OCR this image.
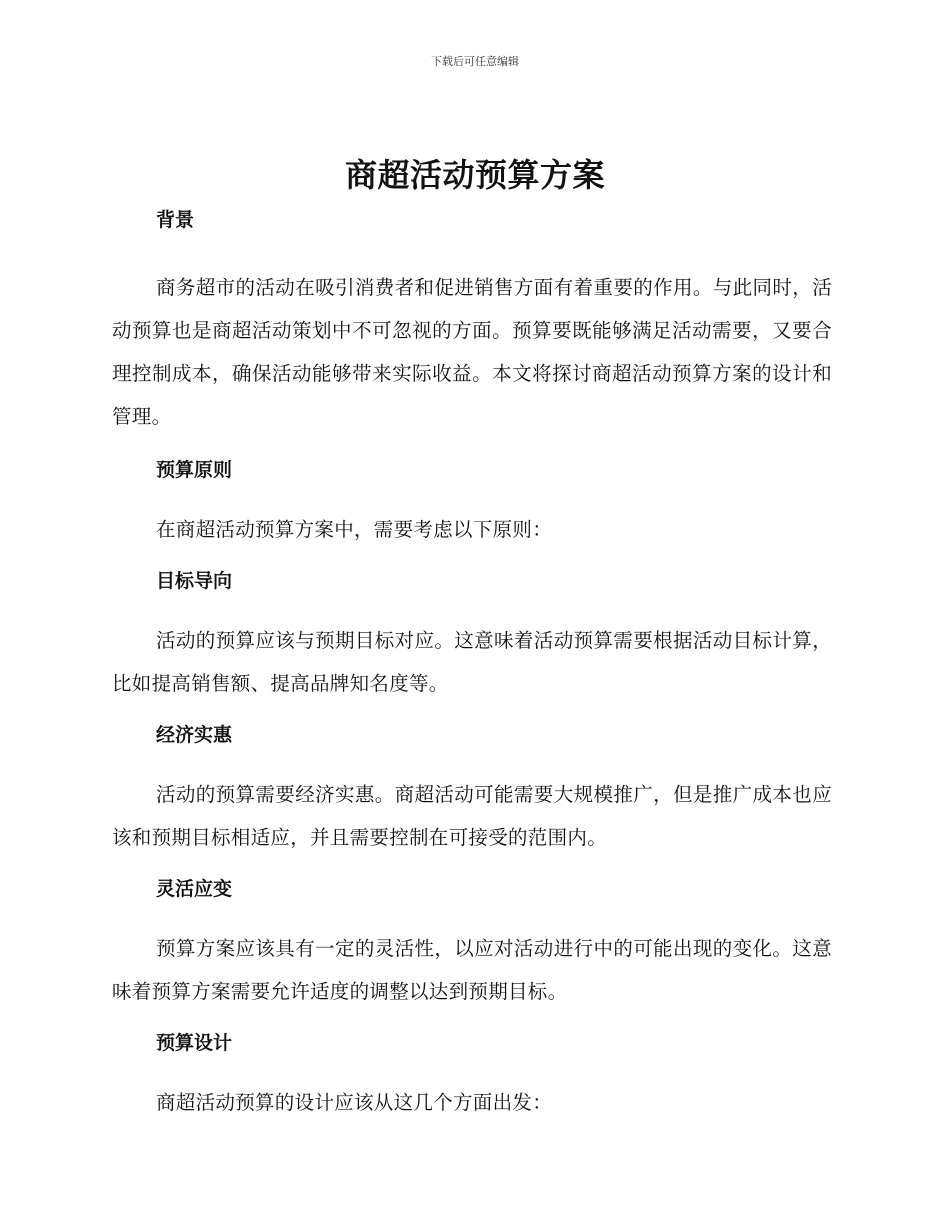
下载后可任意编辑
商超活动预算方案
背景

商务超市的活动在吸引消费者和促进销售方面有着重要的作用。与此同时，活动预算也是商超活动策划中不可忽视的方面。预算要既能够满足活动需要，又要合理控制成本，确保活动能够带来实际收益。本文将探讨商超活动预算方案的设计和管理。

预算原则

在商超活动预算方案中，需要考虑以下原则：

目标导向

活动的预算应该与预期目标对应。这意味着活动预算需要根据活动目标计算，比如提高销售额、提高品牌知名度等。

经济实惠

活动的预算需要经济实惠。商超活动可能需要大规模推广，但是推广成本也应该和预期目标相适应，并且需要控制在可接受的范围内。

灵活应变

预算方案应该具有一定的灵活性，以应对活动进行中的可能出现的变化。这意味着预算方案需要允许适度的调整以达到预期目标。

预算设计

商超活动预算的设计应该从这几个方面出发：
